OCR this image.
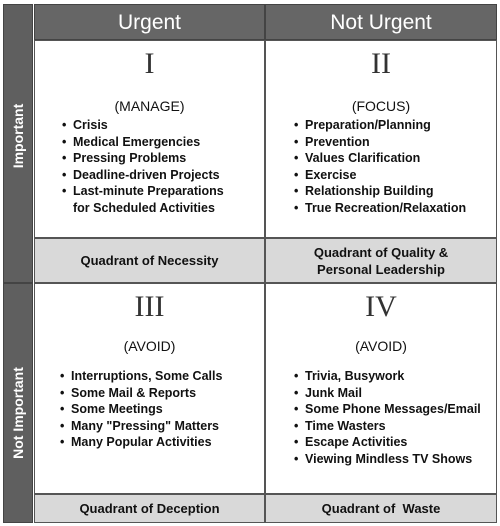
Urgent	Not Urgent
Important
Not Important
I
(MANAGE)
• Crisis
• Medical Emergencies
• Pressing Problems
• Deadline-driven Projects
• Last-minute Preparations
for Scheduled Activities
II
(FOCUS)
• Preparation/Planning
• Prevention
• Values Clarification
• Exercise
• Relationship Building
• True Recreation/Relaxation
III
(AVOID)
• Interruptions, Some Calls
• Some Mail & Reports
• Some Meetings
• Many "Pressing" Matters
• Many Popular Activities
IV
(AVOID)
• Trivia, Busywork
• Junk Mail
• Some Phone Messages/Email
• Time Wasters
• Escape Activities
• Viewing Mindless TV Shows
Quadrant of Necessity
Quadrant of Quality &
Personal Leadership
Quadrant of Deception	Quadrant of  Waste
